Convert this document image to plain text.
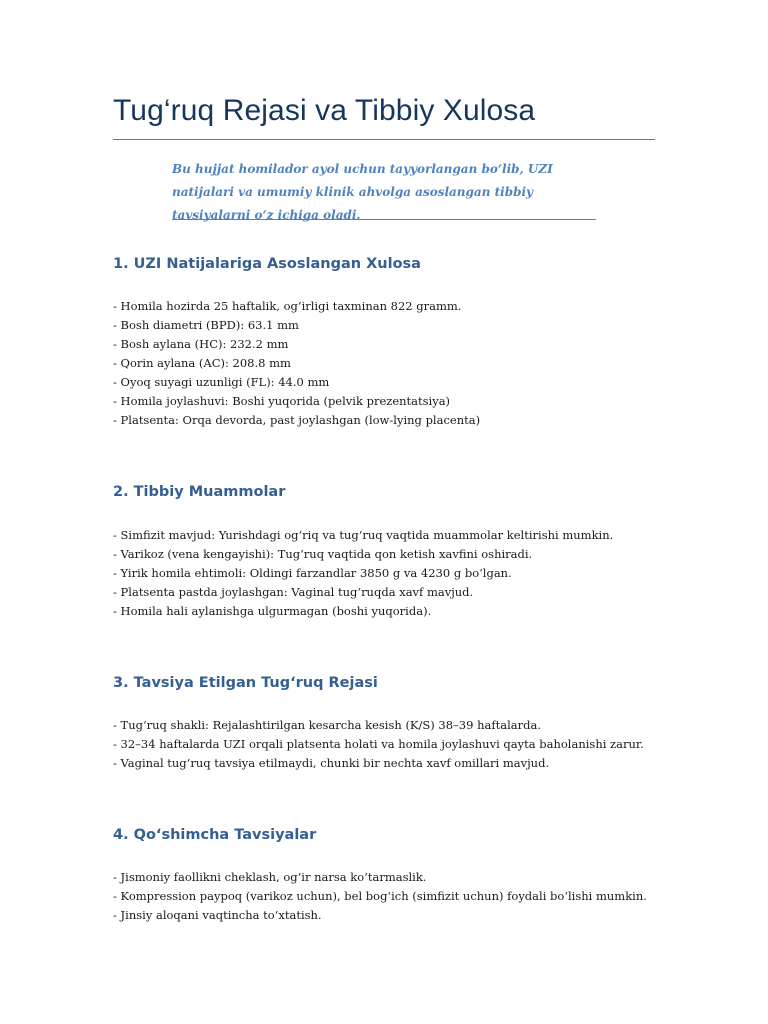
Tug‘ruq Rejasi va Tibbiy Xulosa
Bu hujjat homilador ayol uchun tayyorlangan bo‘lib, UZI natijalari va umumiy klinik ahvolga asoslangan tibbiy tavsiyalarni o‘z ichiga oladi.
1. UZI Natijalariga Asoslangan Xulosa
- Homila hozirda 25 haftalik, og‘irligi taxminan 822 gramm.
- Bosh diametri (BPD): 63.1 mm
- Bosh aylana (HC): 232.2 mm
- Qorin aylana (AC): 208.8 mm
- Oyoq suyagi uzunligi (FL): 44.0 mm
- Homila joylashuvi: Boshi yuqorida (pelvik prezentatsiya)
- Platsenta: Orqa devorda, past joylashgan (low-lying placenta)
2. Tibbiy Muammolar
- Simfizit mavjud: Yurishdagi og‘riq va tug‘ruq vaqtida muammolar keltirishi mumkin.
- Varikoz (vena kengayishi): Tug‘ruq vaqtida qon ketish xavfini oshiradi.
- Yirik homila ehtimoli: Oldingi farzandlar 3850 g va 4230 g bo‘lgan.
- Platsenta pastda joylashgan: Vaginal tug‘ruqda xavf mavjud.
- Homila hali aylanishga ulgurmagan (boshi yuqorida).
3. Tavsiya Etilgan Tug‘ruq Rejasi
- Tug‘ruq shakli: Rejalashtirilgan kesarcha kesish (K/S) 38–39 haftalarda.
- 32–34 haftalarda UZI orqali platsenta holati va homila joylashuvi qayta baholanishi zarur.
- Vaginal tug‘ruq tavsiya etilmaydi, chunki bir nechta xavf omillari mavjud.
4. Qo‘shimcha Tavsiyalar
- Jismoniy faollikni cheklash, og‘ir narsa ko‘tarmaslik.
- Kompression paypoq (varikoz uchun), bel bog‘ich (simfizit uchun) foydali bo‘lishi mumkin.
- Jinsiy aloqani vaqtincha to‘xtatish.
